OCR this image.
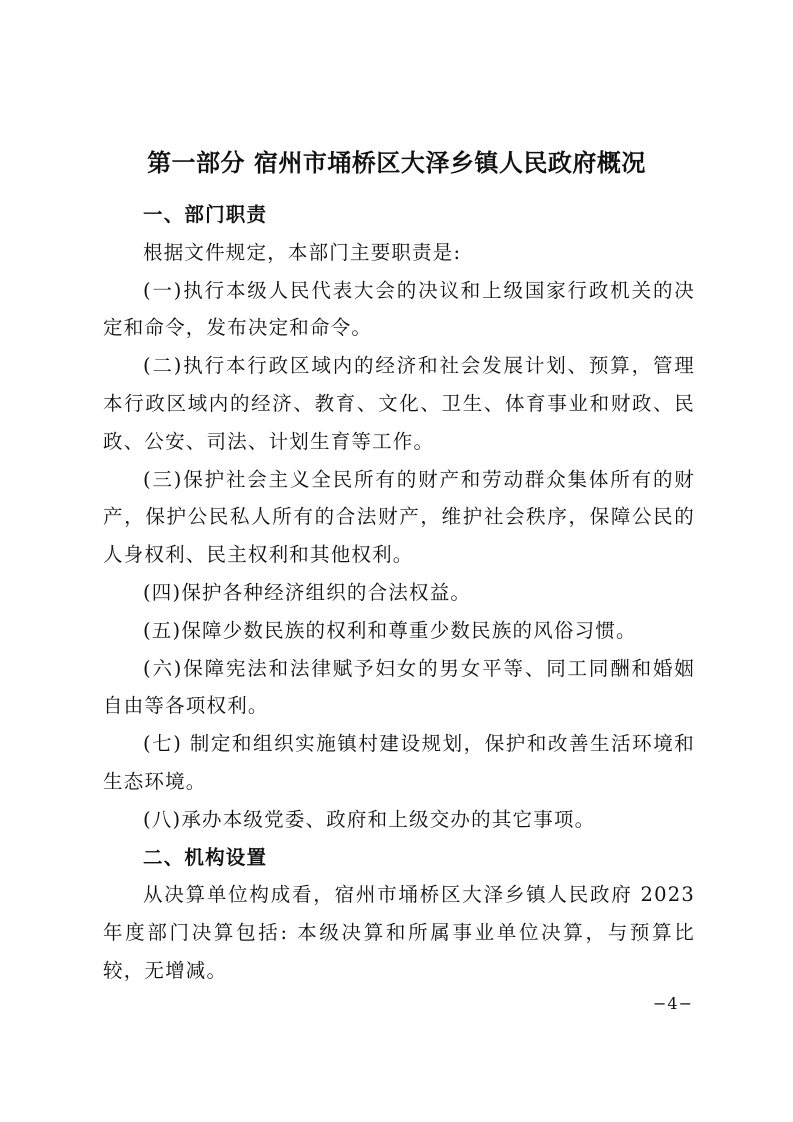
第一部分 宿州市埇桥区大泽乡镇人民政府概况

一、部门职责

根据文件规定，本部门主要职责是:

(一)执行本级人民代表大会的决议和上级国家行政机关的决定和命令，发布决定和命令。

(二)执行本行政区域内的经济和社会发展计划、预算，管理本行政区域内的经济、教育、文化、卫生、体育事业和财政、民政、公安、司法、计划生育等工作。

(三)保护社会主义全民所有的财产和劳动群众集体所有的财产，保护公民私人所有的合法财产，维护社会秩序，保障公民的人身权利、民主权利和其他权利。

(四)保护各种经济组织的合法权益。

(五)保障少数民族的权利和尊重少数民族的风俗习惯。

(六)保障宪法和法律赋予妇女的男女平等、同工同酬和婚姻自由等各项权利。

(七) 制定和组织实施镇村建设规划，保护和改善生活环境和生态环境。

(八)承办本级党委、政府和上级交办的其它事项。

二、机构设置

从决算单位构成看，宿州市埇桥区大泽乡镇人民政府 2023 年度部门决算包括: 本级决算和所属事业单位决算，与预算比较，无增减。

−4−
